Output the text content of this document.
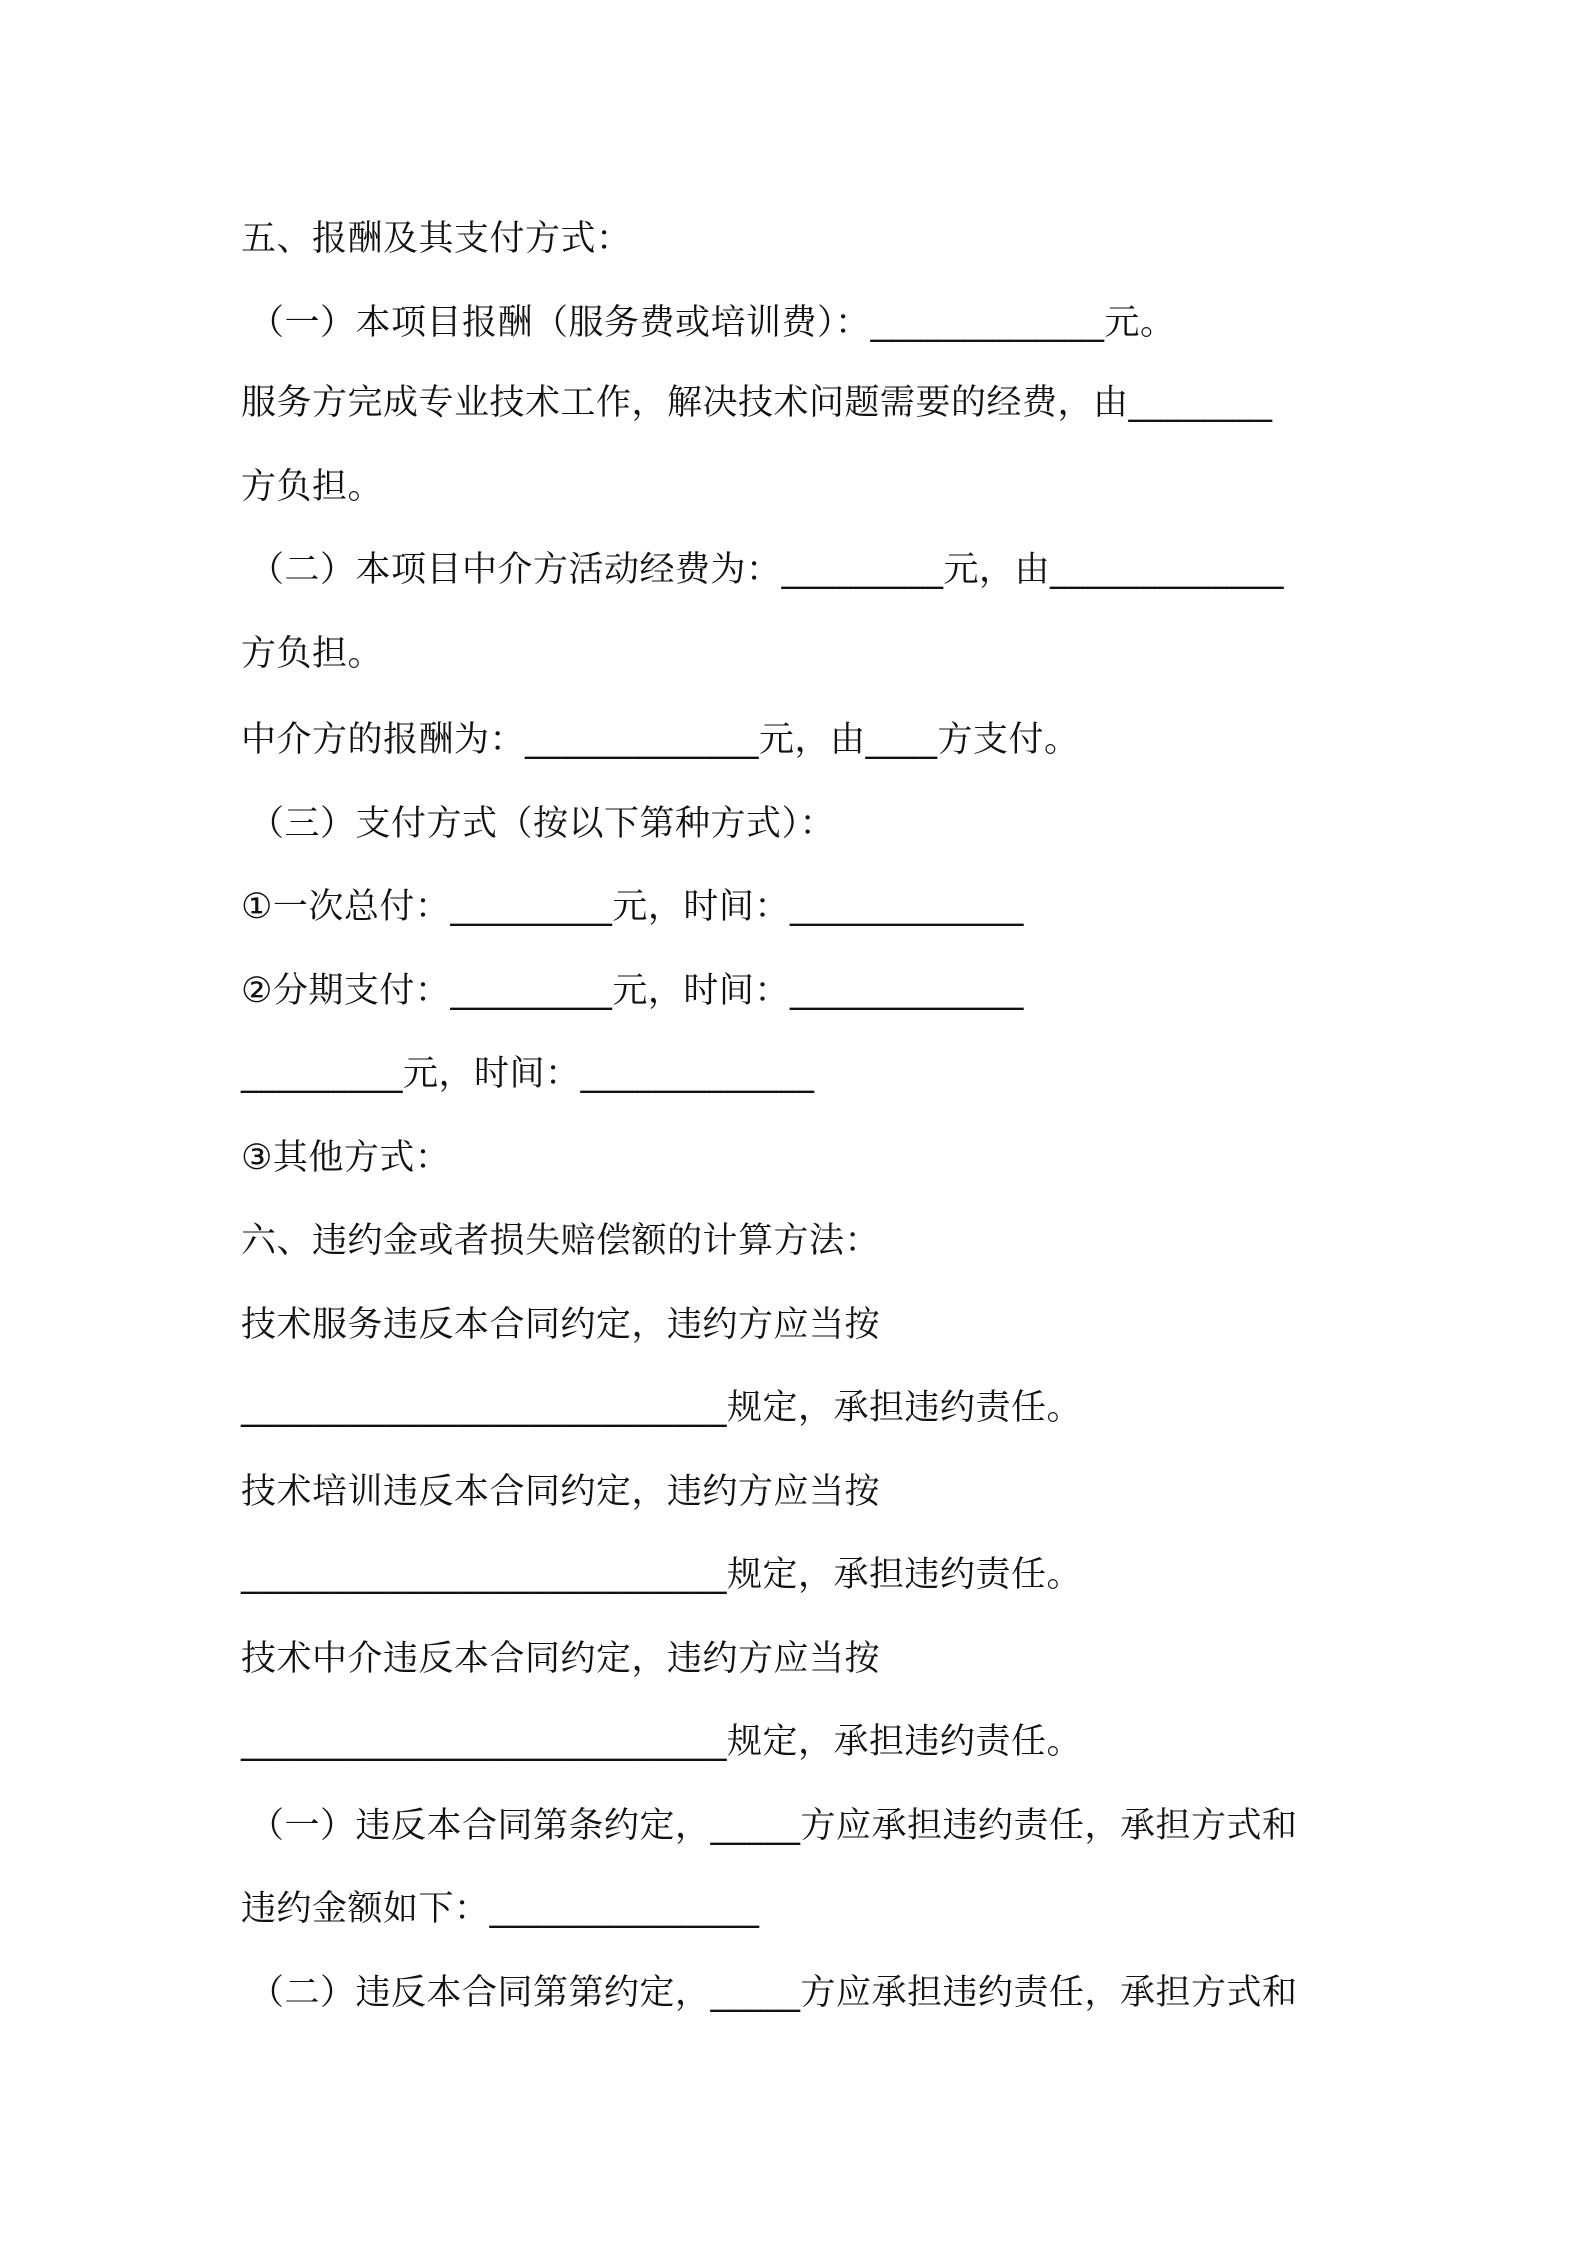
五、报酬及其支付方式：
（一）本项目报酬（服务费或培训费）：_____________元。
服务方完成专业技术工作，解决技术问题需要的经费，由________
方负担。
（二）本项目中介方活动经费为：_________元，由_____________
方负担。
中介方的报酬为：_____________元，由____方支付。
（三）支付方式（按以下第种方式）：
①一次总付：_________元，时间：_____________
②分期支付：_________元，时间：_____________
_________元，时间：_____________
③其他方式：
六、违约金或者损失赔偿额的计算方法：
技术服务违反本合同约定，违约方应当按
___________________________规定，承担违约责任。
技术培训违反本合同约定，违约方应当按
___________________________规定，承担违约责任。
技术中介违反本合同约定，违约方应当按
___________________________规定，承担违约责任。
（一）违反本合同第条约定，_____方应承担违约责任，承担方式和
违约金额如下：_______________
（二）违反本合同第第约定，_____方应承担违约责任，承担方式和
